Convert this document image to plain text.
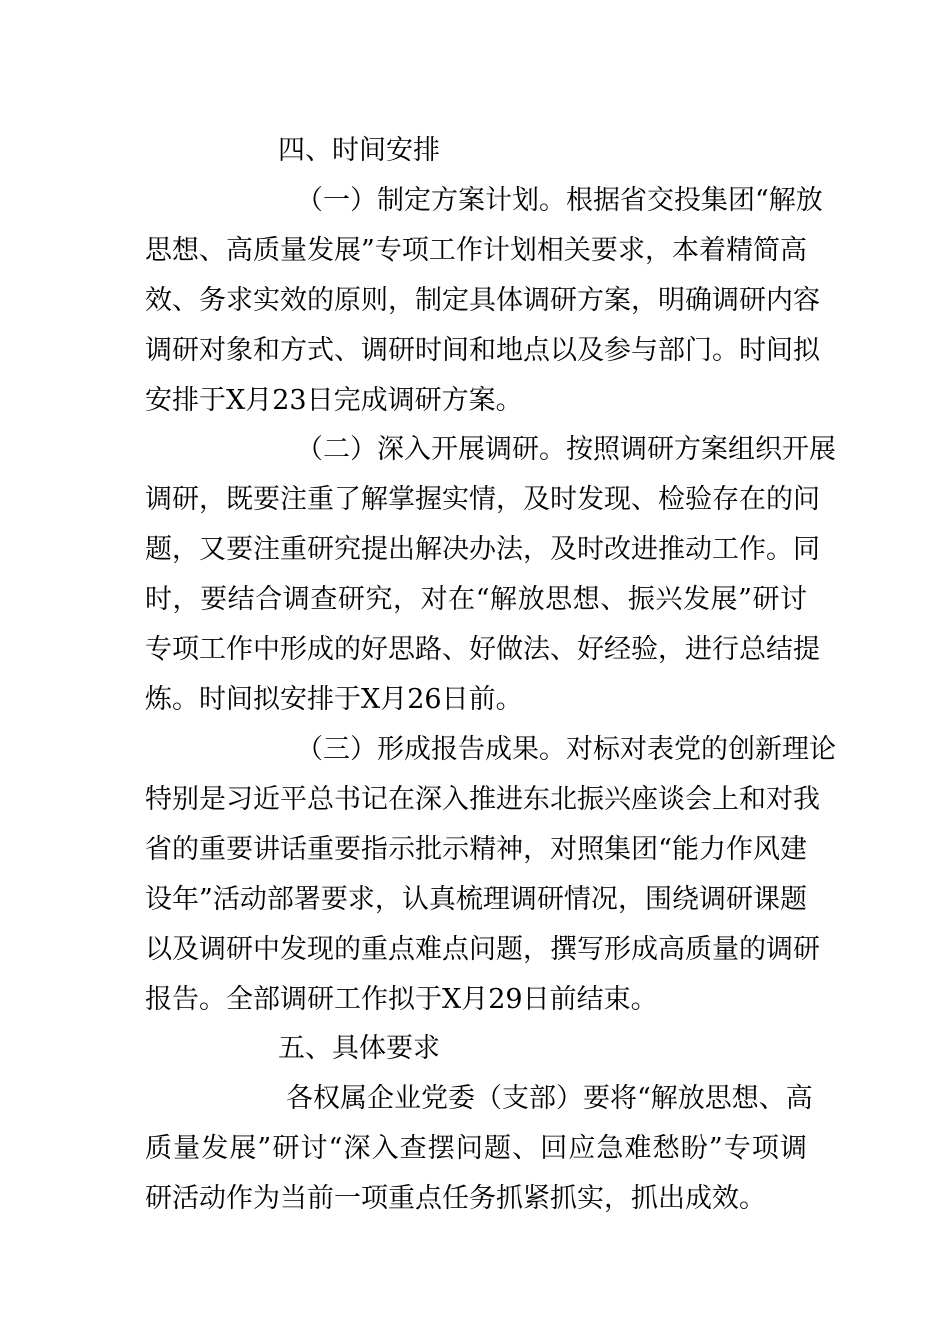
四、时间安排
（一）制定方案计划。根据省交投集团“解放
思想、高质量发展”专项工作计划相关要求，本着精简高
效、务求实效的原则，制定具体调研方案，明确调研内容
调研对象和方式、调研时间和地点以及参与部门。时间拟
安排于X月23日完成调研方案。
（二）深入开展调研。按照调研方案组织开展
调研，既要注重了解掌握实情，及时发现、检验存在的问
题，又要注重研究提出解决办法，及时改进推动工作。同
时，要结合调查研究，对在“解放思想、振兴发展”研讨
专项工作中形成的好思路、好做法、好经验，进行总结提
炼。时间拟安排于X月26日前。
（三）形成报告成果。对标对表党的创新理论
特别是习近平总书记在深入推进东北振兴座谈会上和对我
省的重要讲话重要指示批示精神，对照集团“能力作风建
设年”活动部署要求，认真梳理调研情况，围绕调研课题
以及调研中发现的重点难点问题，撰写形成高质量的调研
报告。全部调研工作拟于X月29日前结束。
五、具体要求
各权属企业党委（支部）要将“解放思想、高
质量发展”研讨“深入查摆问题、回应急难愁盼”专项调
研活动作为当前一项重点任务抓紧抓实，抓出成效。
